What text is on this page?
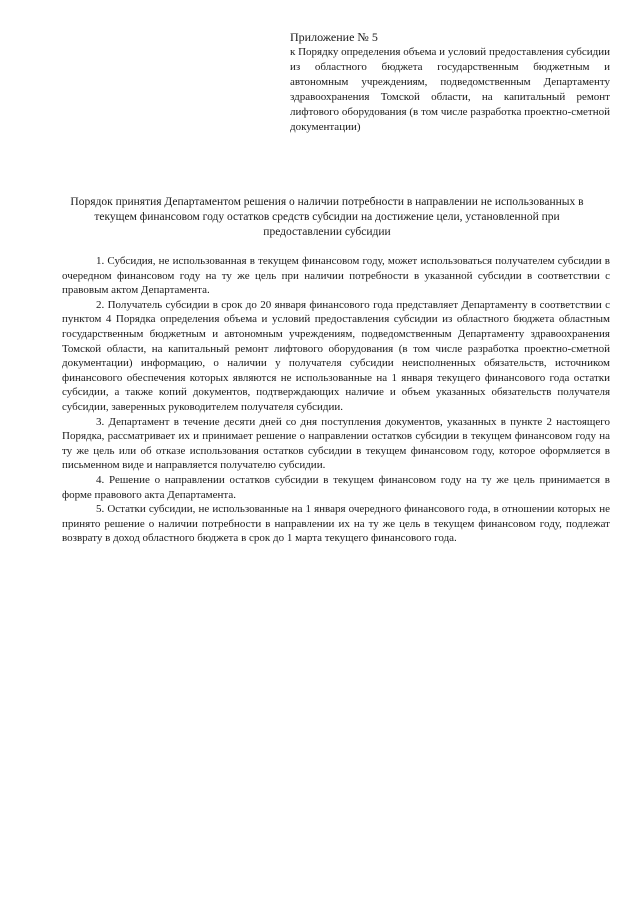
Приложение № 5
к Порядку определения объема и условий предоставления субсидии из областного бюджета государственным бюджетным и автономным учреждениям, подведомственным Департаменту здравоохранения Томской области, на капитальный ремонт лифтового оборудования (в том числе разработка проектно-сметной документации)
Порядок принятия Департаментом решения о наличии потребности в направлении не использованных в текущем финансовом году остатков средств субсидии на достижение цели, установленной при предоставлении субсидии

1. Субсидия, не использованная в текущем финансовом году, может использоваться получателем субсидии в очередном финансовом году на ту же цель при наличии потребности в указанной субсидии в соответствии с правовым актом Департамента.

2. Получатель субсидии в срок до 20 января финансового года представляет Департаменту в соответствии с пунктом 4 Порядка определения объема и условий предоставления субсидии из областного бюджета областным государственным бюджетным и автономным учреждениям, подведомственным Департаменту здравоохранения Томской области, на капитальный ремонт лифтового оборудования (в том числе разработка проектно-сметной документации) информацию, о наличии у получателя субсидии неисполненных обязательств, источником финансового обеспечения которых являются не использованные на 1 января текущего финансового года остатки субсидии, а также копий документов, подтверждающих наличие и объем указанных обязательств получателя субсидии, заверенных руководителем получателя субсидии.

3. Департамент в течение десяти дней со дня поступления документов, указанных в пункте 2 настоящего Порядка, рассматривает их и принимает решение о направлении остатков субсидии в текущем финансовом году на ту же цель или об отказе использования остатков субсидии в текущем финансовом году, которое оформляется в письменном виде и направляется получателю субсидии.

4. Решение о направлении остатков субсидии в текущем финансовом году на ту же цель принимается в форме правового акта Департамента.

5. Остатки субсидии, не использованные на 1 января очередного финансового года, в отношении которых не принято решение о наличии потребности в направлении их на ту же цель в текущем финансовом году, подлежат возврату в доход областного бюджета в срок до 1 марта текущего финансового года.
